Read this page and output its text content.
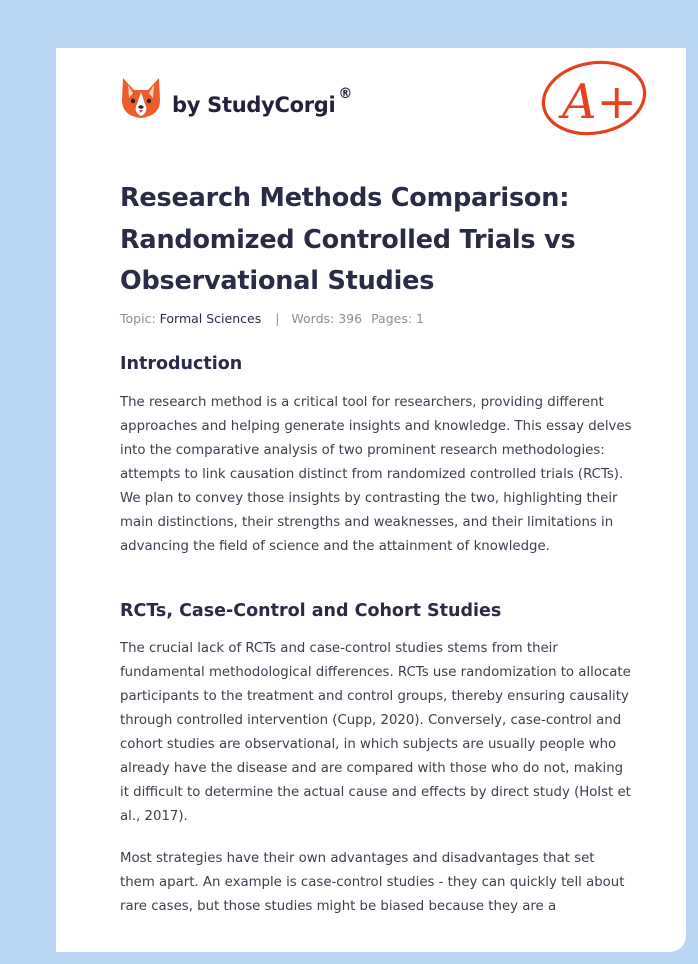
by StudyCorgi ®	A+
Research Methods Comparison: Randomized Controlled Trials vs Observational Studies
Topic: Formal Sciences | Words: 396 Pages: 1
Introduction

The research method is a critical tool for researchers, providing different approaches and helping generate insights and knowledge. This essay delves into the comparative analysis of two prominent research methodologies: attempts to link causation distinct from randomized controlled trials (RCTs). We plan to convey those insights by contrasting the two, highlighting their main distinctions, their strengths and weaknesses, and their limitations in advancing the field of science and the attainment of knowledge.

RCTs, Case-Control and Cohort Studies

The crucial lack of RCTs and case-control studies stems from their fundamental methodological differences. RCTs use randomization to allocate participants to the treatment and control groups, thereby ensuring causality through controlled intervention (Cupp, 2020). Conversely, case-control and cohort studies are observational, in which subjects are usually people who already have the disease and are compared with those who do not, making it difficult to determine the actual cause and effects by direct study (Holst et al., 2017).

Most strategies have their own advantages and disadvantages that set them apart. An example is case-control studies - they can quickly tell about rare cases, but those studies might be biased because they are a
